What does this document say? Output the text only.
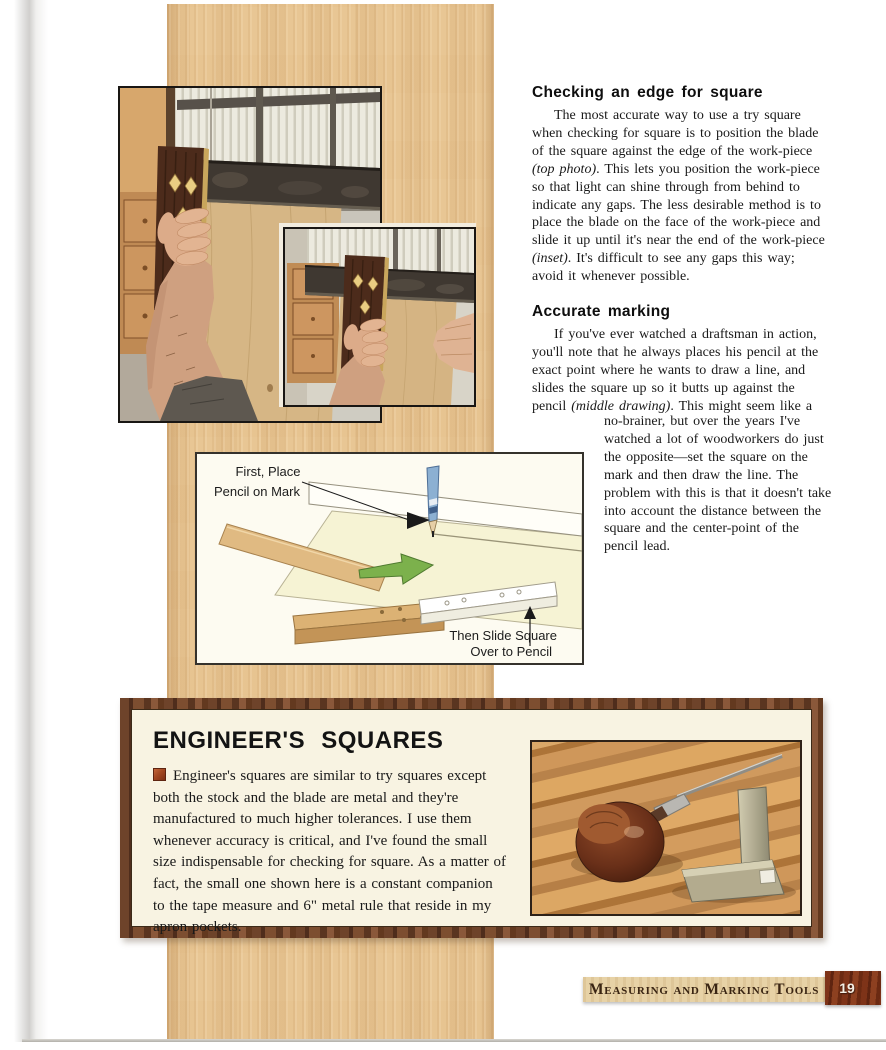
Checking an edge for square
The most accurate way to use a try square when checking for square is to position the blade of the square against the edge of the work-piece (top photo). This lets you position the work-piece so that light can shine through from behind to indicate any gaps. The less desirable method is to place the blade on the face of the work-piece and slide it up until it's near the end of the work-piece (inset). It's difficult to see any gaps this way; avoid it whenever possible.
Accurate marking
If you've ever watched a draftsman in action, you'll note that he always places his pencil at the exact point where he wants to draw a line, and slides the square up so it butts up against the pencil (middle drawing). This might seem like a
no-brainer, but over the years I've watched a lot of woodworkers do just the opposite—set the square on the mark and then draw the line. The problem with this is that it doesn't take into account the distance between the square and the center-point of the pencil lead.
First, Place
Pencil on Mark
Then Slide Square
Over to Pencil
ENGINEER'S SQUARES
Engineer's squares are similar to try squares except both the stock and the blade are metal and they're manufactured to much higher tolerances. I use them whenever accuracy is critical, and I've found the small size indispensable for checking for square. As a matter of fact, the small one shown here is a constant companion to the tape measure and 6" metal rule that reside in my apron pockets.
Measuring and Marking Tools	19
